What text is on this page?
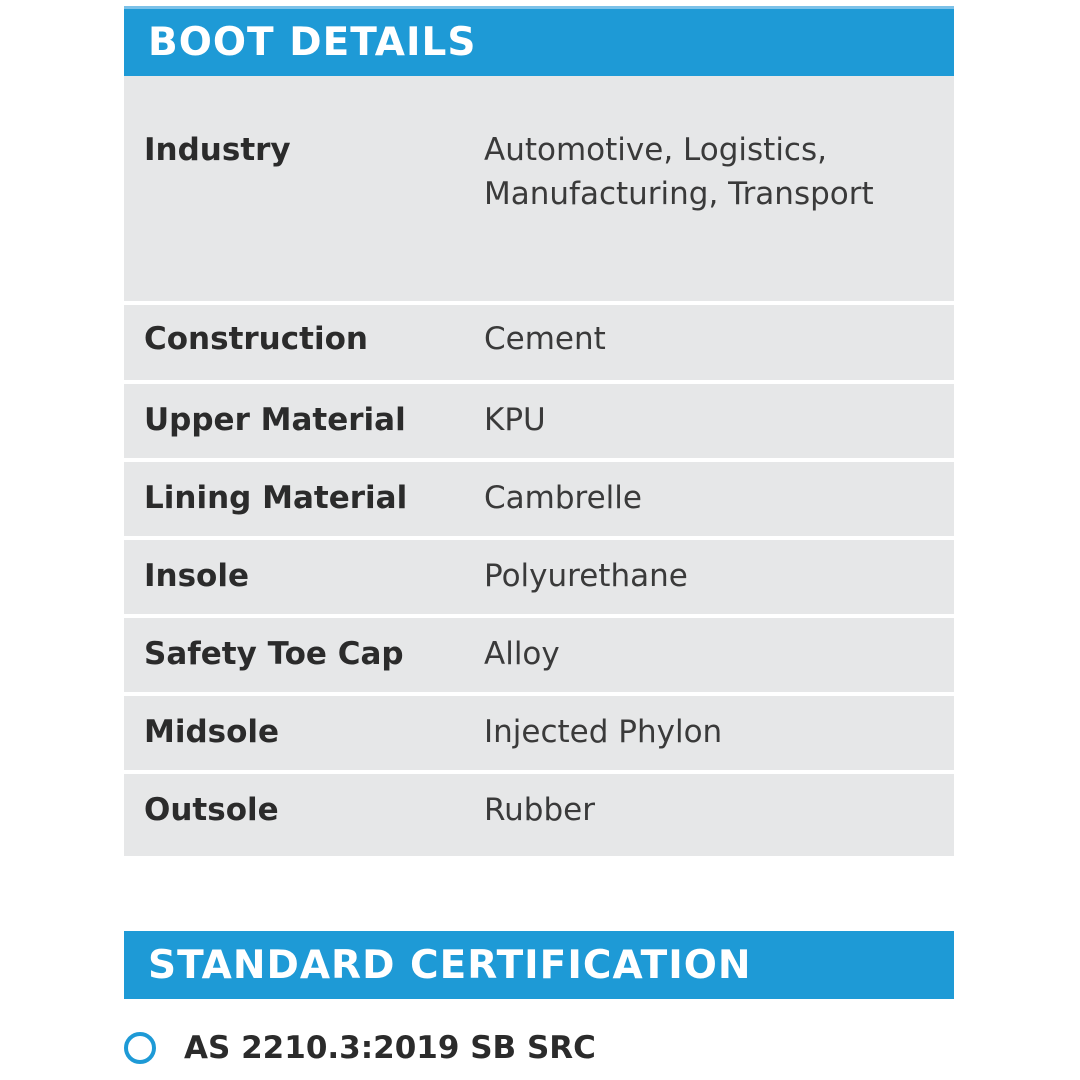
BOOT DETAILS
Industry	Automotive, Logistics,
Manufacturing, Transport
Construction	Cement
Upper Material	KPU
Lining Material	Cambrelle
Insole	Polyurethane
Safety Toe Cap	Alloy
Midsole	Injected Phylon
Outsole	Rubber
STANDARD CERTIFICATION
AS 2210.3:2019 SB SRC
